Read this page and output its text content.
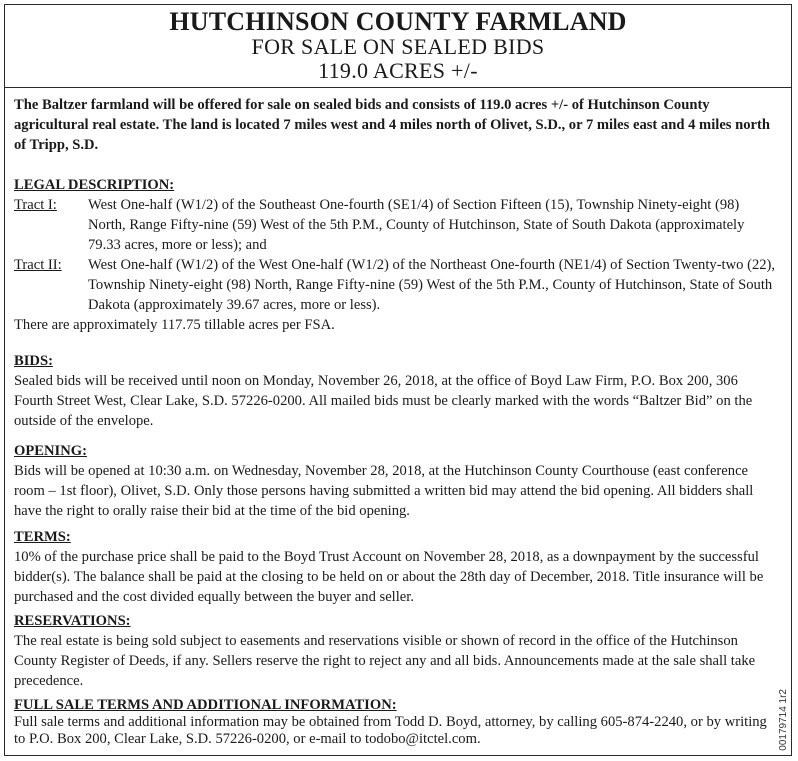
HUTCHINSON COUNTY FARMLAND
FOR SALE ON SEALED BIDS
119.0 ACRES +/-
The Baltzer farmland will be offered for sale on sealed bids and consists of 119.0 acres +/- of Hutchinson County agricultural real estate. The land is located 7 miles west and 4 miles north of Olivet, S.D., or 7 miles east and 4 miles north of Tripp, S.D.
LEGAL DESCRIPTION:
Tract I:	West One-half (W1/2) of the Southeast One-fourth (SE1/4) of Section Fifteen (15), Township Ninety-eight (98) North, Range Fifty-nine (59) West of the 5th P.M., County of Hutchinson, State of South Dakota (approximately 79.33 acres, more or less); and
Tract II:	West One-half (W1/2) of the West One-half (W1/2) of the Northeast One-fourth (NE1/4) of Section Twenty-two (22), Township Ninety-eight (98) North, Range Fifty-nine (59) West of the 5th P.M., County of Hutchinson, State of South Dakota (approximately 39.67 acres, more or less).
There are approximately 117.75 tillable acres per FSA.
BIDS:
Sealed bids will be received until noon on Monday, November 26, 2018, at the office of Boyd Law Firm, P.O. Box 200, 306 Fourth Street West, Clear Lake, S.D. 57226-0200. All mailed bids must be clearly marked with the words “Baltzer Bid” on the outside of the envelope.
OPENING:
Bids will be opened at 10:30 a.m. on Wednesday, November 28, 2018, at the Hutchinson County Courthouse (east conference room – 1st floor), Olivet, S.D. Only those persons having submitted a written bid may attend the bid opening. All bidders shall have the right to orally raise their bid at the time of the bid opening.
TERMS:
10% of the purchase price shall be paid to the Boyd Trust Account on November 28, 2018, as a downpayment by the successful bidder(s). The balance shall be paid at the closing to be held on or about the 28th day of December, 2018. Title insurance will be purchased and the cost divided equally between the buyer and seller.
RESERVATIONS:
The real estate is being sold subject to easements and reservations visible or shown of record in the office of the Hutchinson County Register of Deeds, if any. Sellers reserve the right to reject any and all bids. Announcements made at the sale shall take precedence.
FULL SALE TERMS AND ADDITIONAL INFORMATION:
Full sale terms and additional information may be obtained from Todd D. Boyd, attorney, by calling 605-874-2240, or by writing to P.O. Box 200, Clear Lake, S.D. 57226-0200, or e-mail to todobo@itctel.com.	00179714 1r2
